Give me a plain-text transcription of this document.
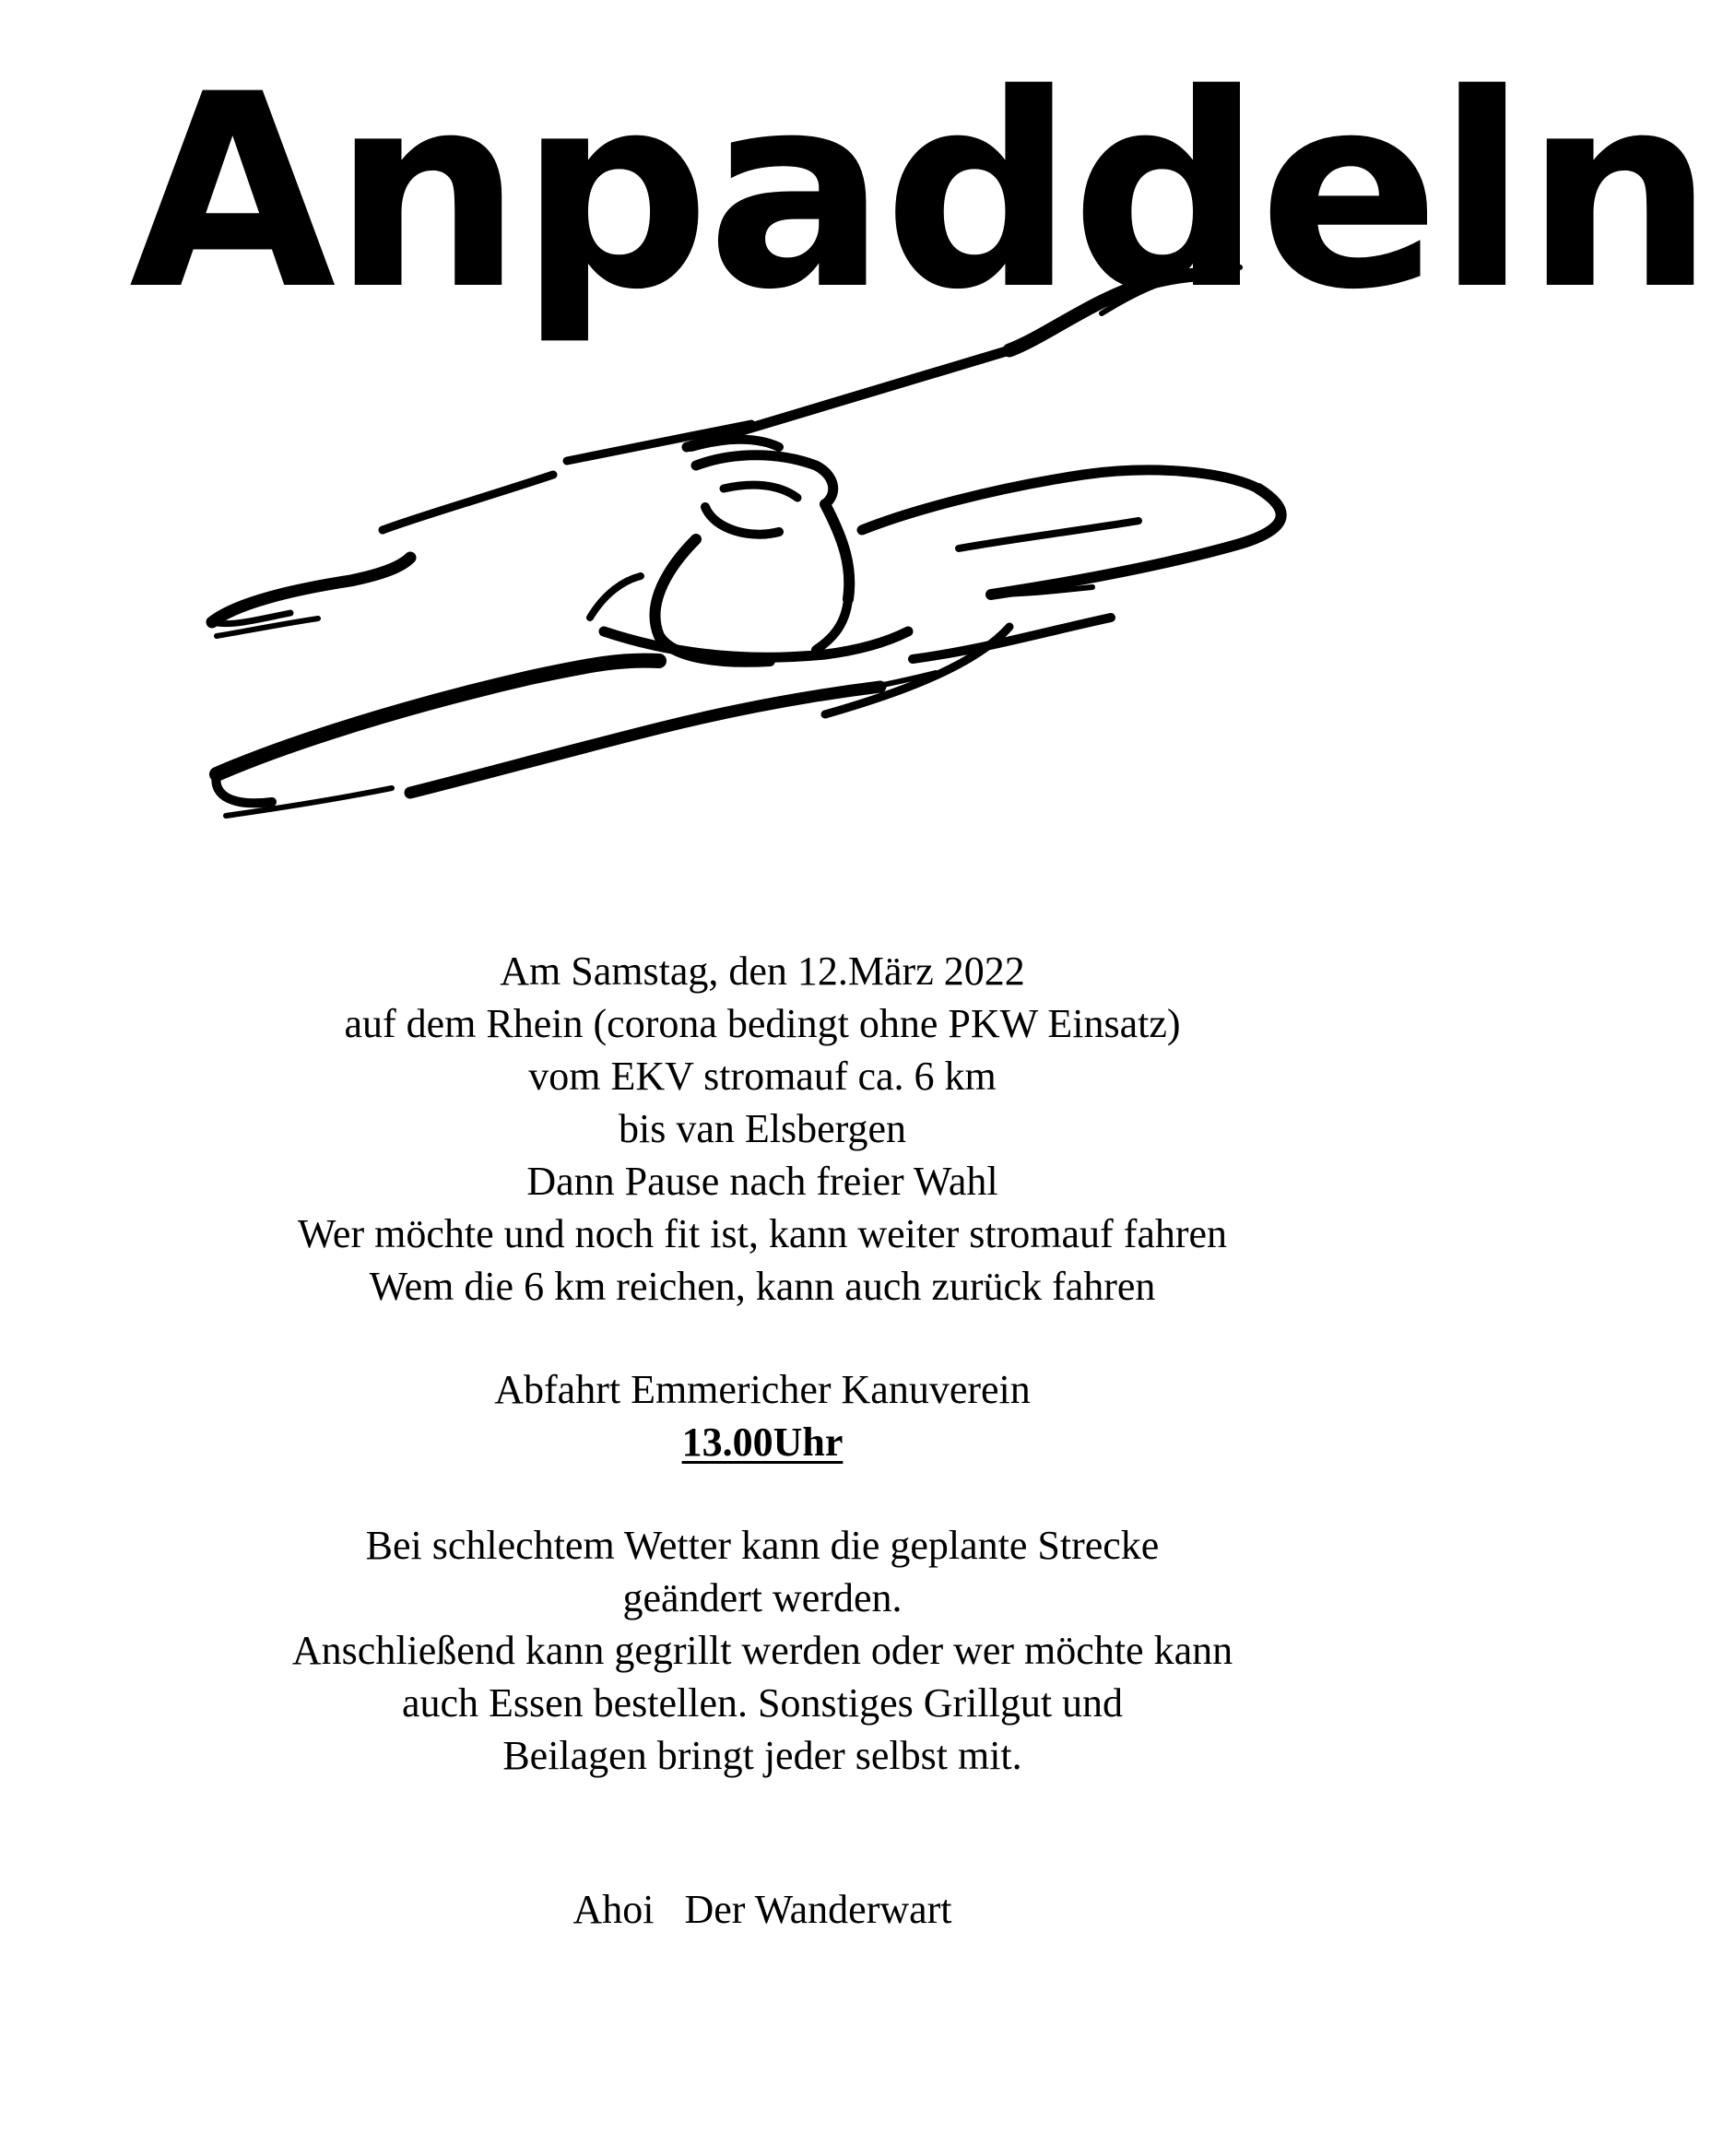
Anpaddeln

Am Samstag, den 12.März 2022

auf dem Rhein (corona bedingt ohne PKW Einsatz)

vom EKV stromauf ca. 6 km

bis van Elsbergen

Dann Pause nach freier Wahl

Wer möchte und noch fit ist, kann weiter stromauf fahren

Wem die 6 km reichen, kann auch zurück fahren

Abfahrt Emmericher Kanuverein

13.00Uhr

Bei schlechtem Wetter kann die geplante Strecke

geändert werden.

Anschließend kann gegrillt werden oder wer möchte kann

auch Essen bestellen. Sonstiges Grillgut und

Beilagen bringt jeder selbst mit.

Ahoi   Der Wanderwart
